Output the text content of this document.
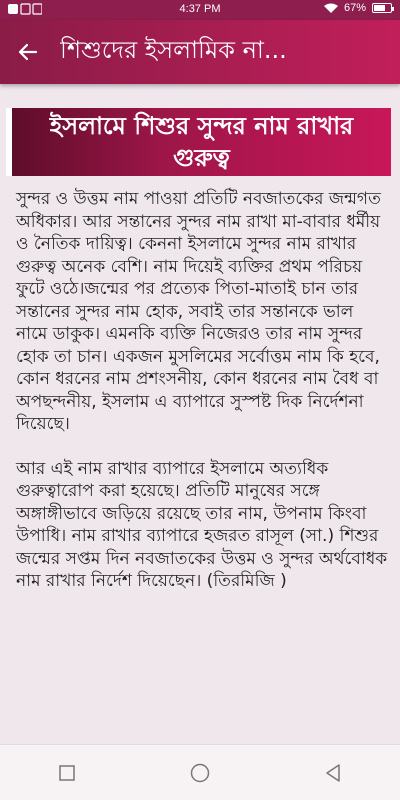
4:37 PM	67%
শিশুদের ইসলামিক না...
ইসলামে শিশুর সুন্দর নাম রাখার গুরুত্ব

সুন্দর ও উত্তম নাম পাওয়া প্রতিটি নবজাতকের জন্মগত অধিকার। আর সন্তানের সুন্দর নাম রাখা মা-বাবার ধর্মীয় ও নৈতিক দায়িত্ব। কেননা ইসলামে সুন্দর নাম রাখার গুরুত্ব অনেক বেশি। নাম দিয়েই ব্যক্তির প্রথম পরিচয় ফুটে ওঠে।জন্মের পর প্রত্যেক পিতা-মাতাই চান তার সন্তানের সুন্দর নাম হোক, সবাই তার সন্তানকে ভাল নামে ডাকুক। এমনকি ব্যক্তি নিজেরও তার নাম সুন্দর হোক তা চান। একজন মুসলিমের সর্বোত্তম নাম কি হবে, কোন ধরনের নাম প্রশংসনীয়, কোন ধরনের নাম বৈধ বা অপছন্দনীয়, ইসলাম এ ব্যাপারে সুস্পষ্ট দিক নির্দেশনা দিয়েছে।

আর এই নাম রাখার ব্যাপারে ইসলামে অত্যধিক গুরুত্বারোপ করা হয়েছে। প্রতিটি মানুষের সঙ্গে অঙ্গাঙ্গীভাবে জড়িয়ে রয়েছে তার নাম, উপনাম কিংবা উপাধি। নাম রাখার ব্যাপারে হজরত রাসূল (সা.) শিশুর জন্মের সপ্তম দিন নবজাতকের উত্তম ও সুন্দর অর্থবোধক নাম রাখার নির্দেশ দিয়েছেন। (তিরমিজি )
